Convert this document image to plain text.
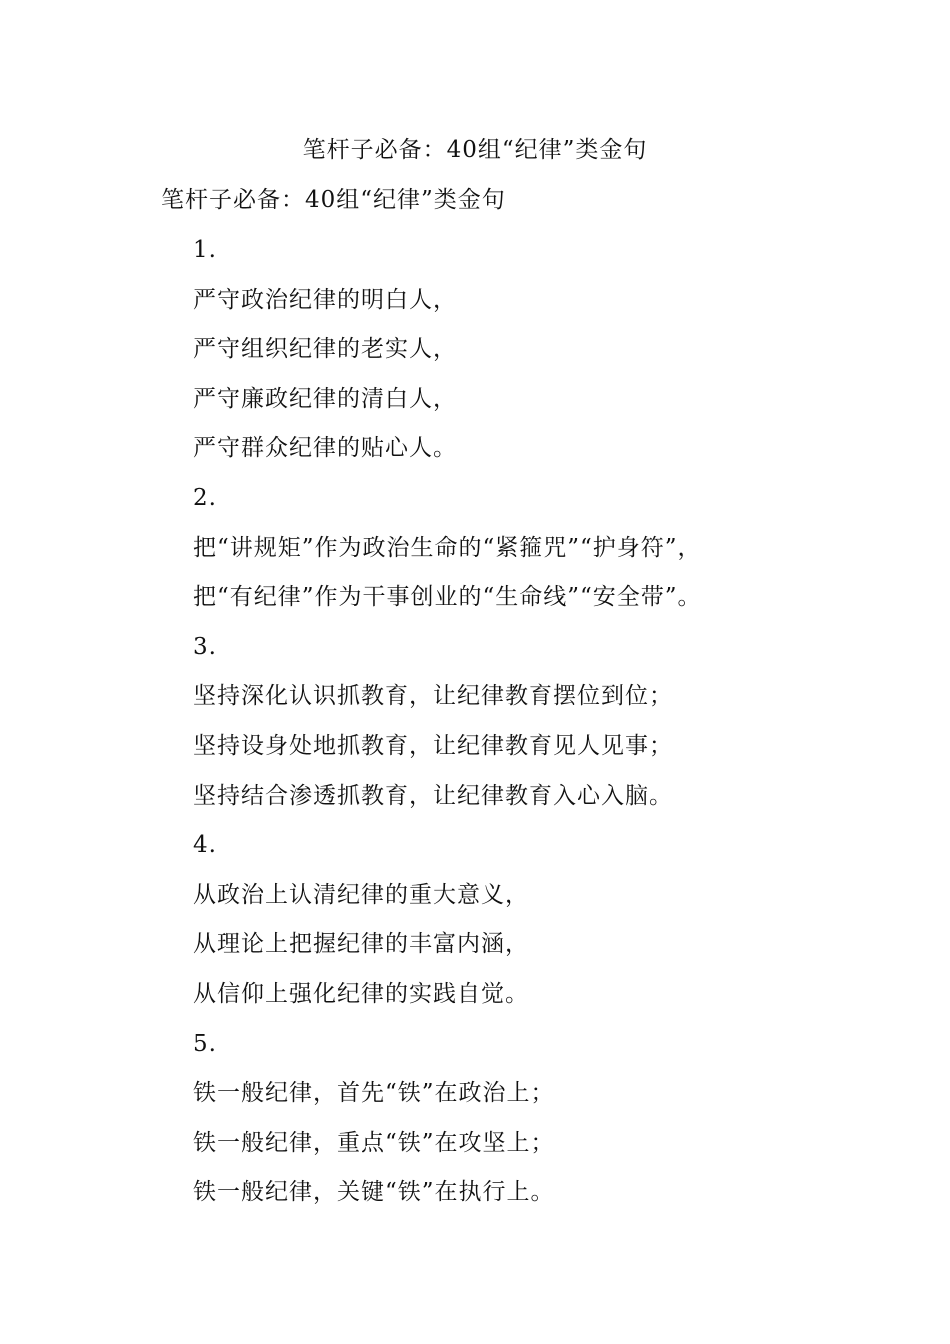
笔杆子必备：40组“纪律”类金句

笔杆子必备：40组“纪律”类金句

1.
严守政治纪律的明白人，
严守组织纪律的老实人，
严守廉政纪律的清白人，
严守群众纪律的贴心人。
2.
把“讲规矩”作为政治生命的“紧箍咒”“护身符”，
把“有纪律”作为干事创业的“生命线”“安全带”。
3.
坚持深化认识抓教育，让纪律教育摆位到位；
坚持设身处地抓教育，让纪律教育见人见事；
坚持结合渗透抓教育，让纪律教育入心入脑。
4.
从政治上认清纪律的重大意义，
从理论上把握纪律的丰富内涵，
从信仰上强化纪律的实践自觉。
5.
铁一般纪律，首先“铁”在政治上；
铁一般纪律，重点“铁”在攻坚上；
铁一般纪律，关键“铁”在执行上。
